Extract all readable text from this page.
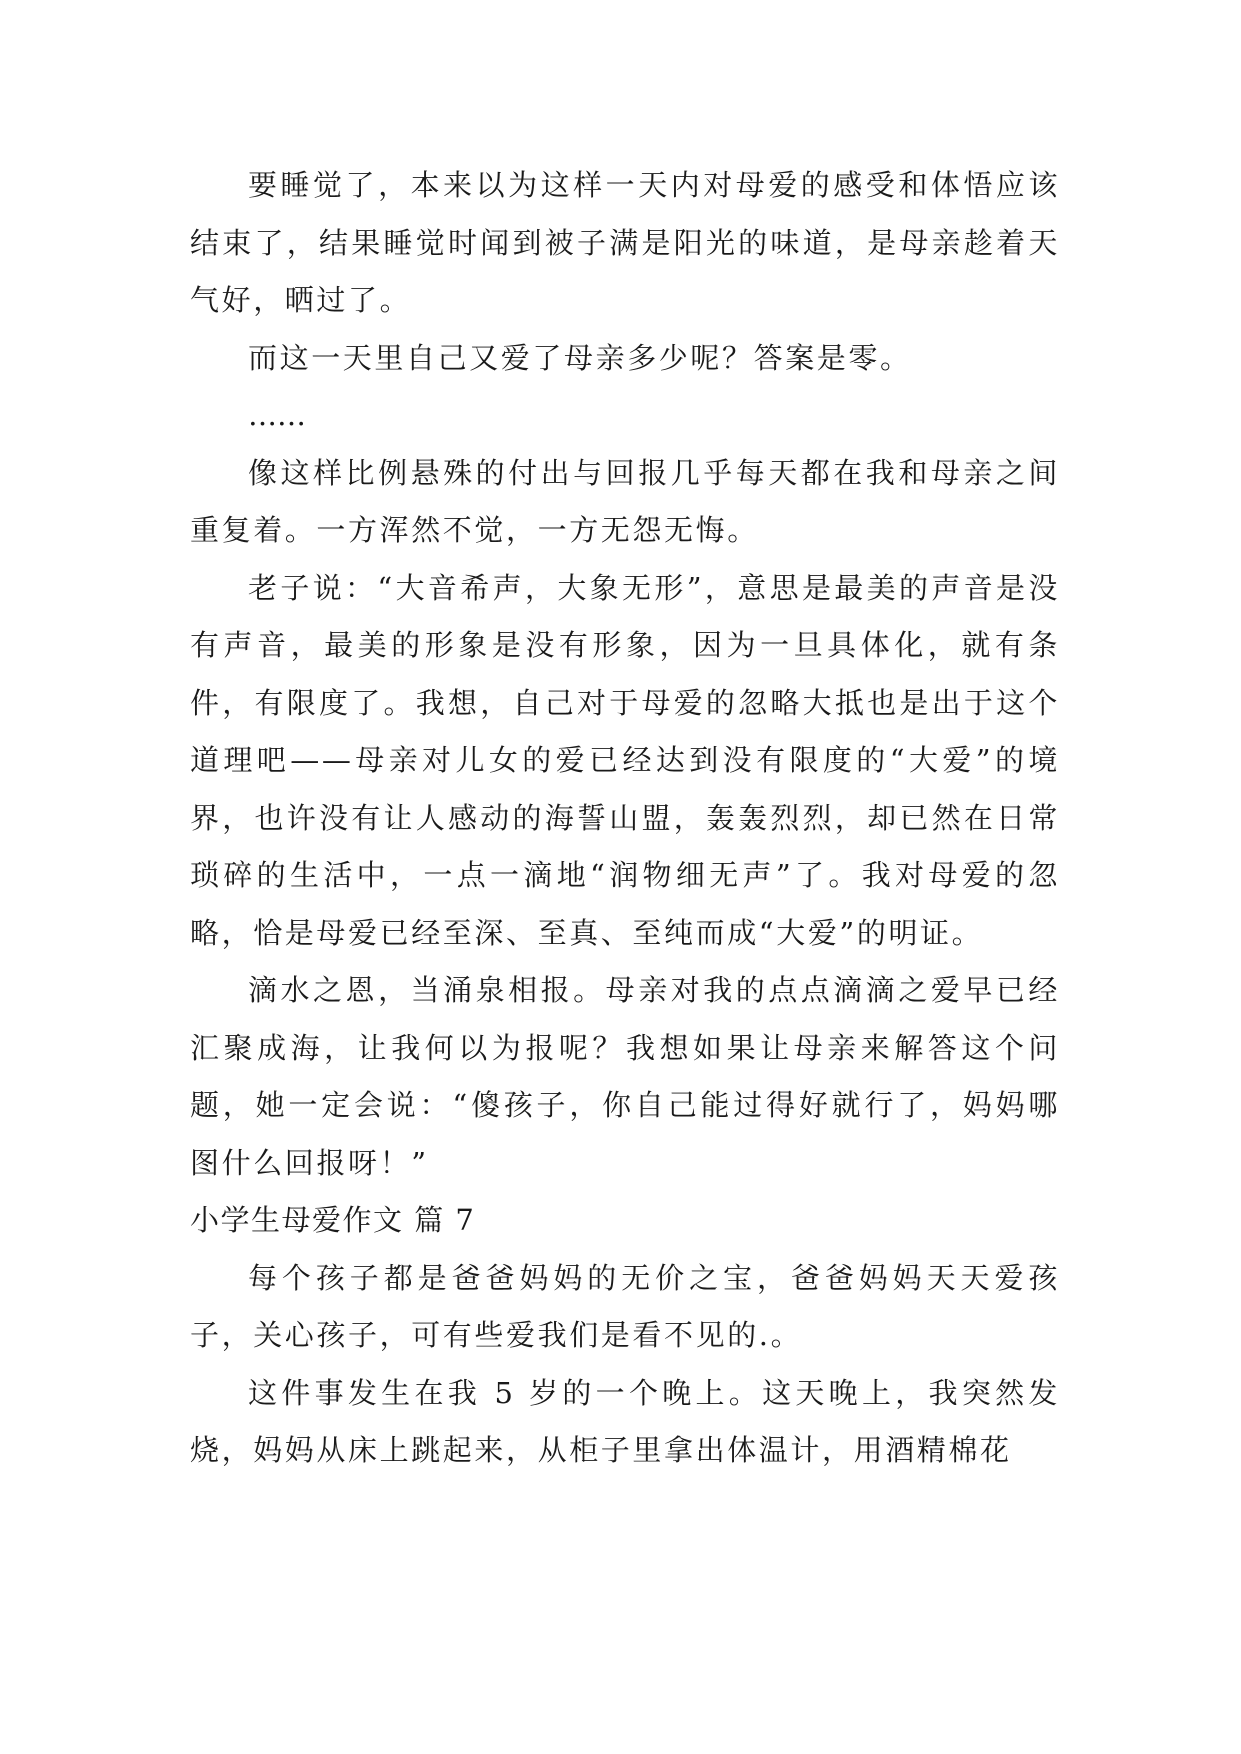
要睡觉了，本来以为这样一天内对母爱的感受和体悟应该结束了，结果睡觉时闻到被子满是阳光的味道，是母亲趁着天气好，晒过了。

而这一天里自己又爱了母亲多少呢？答案是零。

……

像这样比例悬殊的付出与回报几乎每天都在我和母亲之间重复着。一方浑然不觉，一方无怨无悔。

老子说：“大音希声，大象无形”，意思是最美的声音是没有声音，最美的形象是没有形象，因为一旦具体化，就有条件，有限度了。我想，自己对于母爱的忽略大抵也是出于这个道理吧——母亲对儿女的爱已经达到没有限度的“大爱”的境界，也许没有让人感动的海誓山盟，轰轰烈烈，却已然在日常琐碎的生活中，一点一滴地“润物细无声”了。我对母爱的忽略，恰是母爱已经至深、至真、至纯而成“大爱”的明证。

滴水之恩，当涌泉相报。母亲对我的点点滴滴之爱早已经汇聚成海，让我何以为报呢？我想如果让母亲来解答这个问题，她一定会说：“傻孩子，你自己能过得好就行了，妈妈哪图什么回报呀！”

小学生母爱作文 篇 7

每个孩子都是爸爸妈妈的无价之宝，爸爸妈妈天天爱孩子，关心孩子，可有些爱我们是看不见的.。

这件事发生在我 5 岁的一个晚上。这天晚上，我突然发烧，妈妈从床上跳起来，从柜子里拿出体温计，用酒精棉花
